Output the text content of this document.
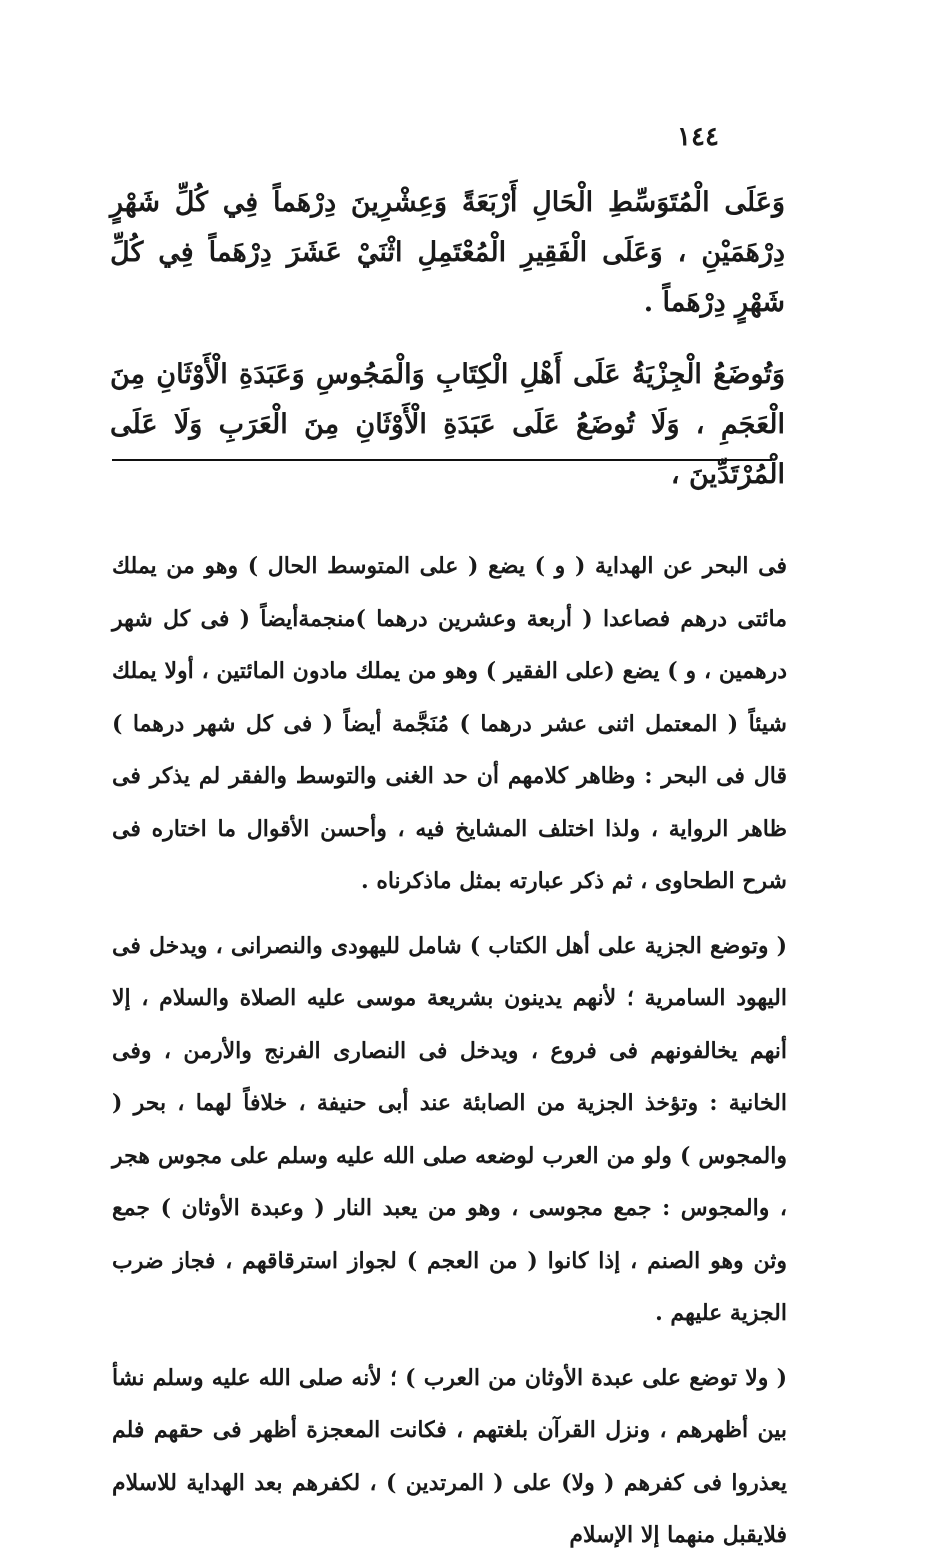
١٤٤

وَعَلَى الْمُتَوَسِّطِ الْحَالِ أَرْبَعَةً وَعِشْرِينَ دِرْهَماً فِي كُلِّ شَهْرٍ دِرْهَمَيْنِ ، وَعَلَى الْفَقِيرِ الْمُعْتَمِلِ اثْنَيْ عَشَرَ دِرْهَماً فِي كُلِّ شَهْرٍ دِرْهَماً .

وَتُوضَعُ الْجِزْيَةُ عَلَى أَهْلِ الْكِتَابِ وَالْمَجُوسِ وَعَبَدَةِ الْأَوْثَانِ مِنَ الْعَجَمِ ، وَلَا تُوضَعُ عَلَى عَبَدَةِ الْأَوْثَانِ مِنَ الْعَرَبِ وَلَا عَلَى الْمُرْتَدِّينَ ،

فى البحر عن الهداية ( و ) يضع ( على المتوسط الحال ) وهو من يملك مائتى درهم فصاعدا ( أربعة وعشرين درهما )منجمةأيضاً ( فى كل شهر درهمين ، و ) يضع (على الفقير ) وهو من يملك مادون المائتين ، أولا يملك شيئاً ( المعتمل اثنى عشر درهما ) مُنَجَّمة أيضاً ( فى كل شهر درهما ) قال فى البحر : وظاهر كلامهم أن حد الغنى والتوسط والفقر لم يذكر فى ظاهر الرواية ، ولذا اختلف المشايخ فيه ، وأحسن الأقوال ما اختاره فى شرح الطحاوى ، ثم ذكر عبارته بمثل ماذكرناه .

( وتوضع الجزية على أهل الكتاب ) شامل لليهودى والنصرانى ، ويدخل فى اليهود السامرية ؛ لأنهم يدينون بشريعة موسى عليه الصلاة والسلام ، إلا أنهم يخالفونهم فى فروع ، ويدخل فى النصارى الفرنج والأرمن ، وفى الخانية : وتؤخذ الجزية من الصابئة عند أبى حنيفة ، خلافاً لهما ، بحر ( والمجوس ) ولو من العرب لوضعه صلى الله عليه وسلم على مجوس هجر ، والمجوس : جمع مجوسى ، وهو من يعبد النار ( وعبدة الأوثان ) جمع وثن وهو الصنم ، إذا كانوا ( من العجم ) لجواز استرقاقهم ، فجاز ضرب الجزية عليهم .

( ولا توضع على عبدة الأوثان من العرب ) ؛ لأنه صلى الله عليه وسلم نشأ بين أظهرهم ، ونزل القرآن بلغتهم ، فكانت المعجزة أظهر فى حقهم فلم يعذروا فى كفرهم ( ولا) على ( المرتدين ) ، لكفرهم بعد الهداية للاسلام فلايقبل منهما إلا الإسلام
